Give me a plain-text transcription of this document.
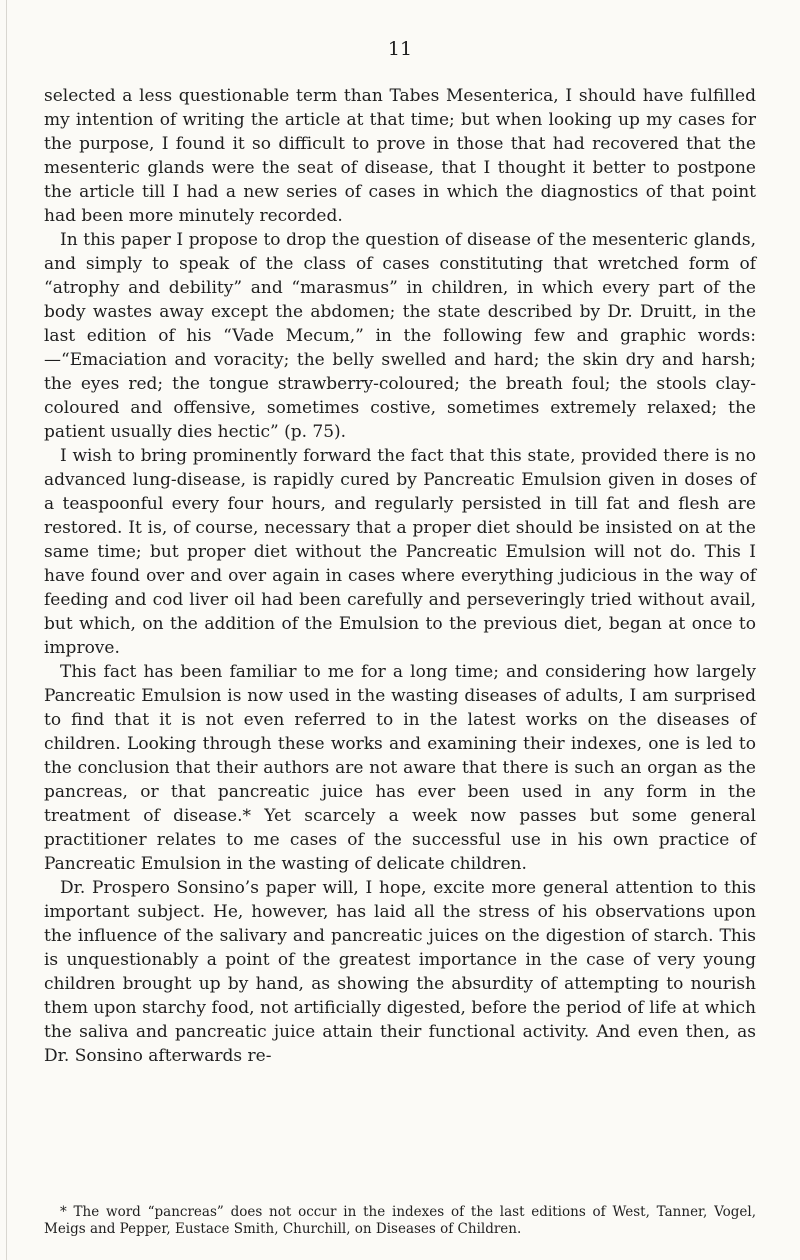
11

selected a less questionable term than Tabes Mesenterica, I should have fulfilled my intention of writing the article at that time; but when looking up my cases for the purpose, I found it so difficult to prove in those that had recovered that the mesenteric glands were the seat of disease, that I thought it better to postpone the article till I had a new series of cases in which the diagnostics of that point had been more minutely recorded.

In this paper I propose to drop the question of disease of the mesenteric glands, and simply to speak of the class of cases constituting that wretched form of “atrophy and debility” and “marasmus” in children, in which every part of the body wastes away except the abdomen; the state described by Dr. Druitt, in the last edition of his “Vade Mecum,” in the following few and graphic words:—“Emaciation and voracity; the belly swelled and hard; the skin dry and harsh; the eyes red; the tongue strawberry-coloured; the breath foul; the stools clay-coloured and offensive, sometimes costive, sometimes extremely relaxed; the patient usually dies hectic” (p. 75).

I wish to bring prominently forward the fact that this state, provided there is no advanced lung-disease, is rapidly cured by Pancreatic Emulsion given in doses of a teaspoonful every four hours, and regularly persisted in till fat and flesh are restored. It is, of course, necessary that a proper diet should be insisted on at the same time; but proper diet without the Pancreatic Emulsion will not do. This I have found over and over again in cases where everything judicious in the way of feeding and cod liver oil had been carefully and perseveringly tried without avail, but which, on the addition of the Emulsion to the previous diet, began at once to improve.

This fact has been familiar to me for a long time; and considering how largely Pancreatic Emulsion is now used in the wasting diseases of adults, I am surprised to find that it is not even referred to in the latest works on the diseases of children. Looking through these works and examining their indexes, one is led to the conclusion that their authors are not aware that there is such an organ as the pancreas, or that pancreatic juice has ever been used in any form in the treatment of disease.* Yet scarcely a week now passes but some general practitioner relates to me cases of the successful use in his own practice of Pancreatic Emulsion in the wasting of delicate children.

Dr. Prospero Sonsino’s paper will, I hope, excite more general attention to this important subject. He, however, has laid all the stress of his observations upon the influence of the salivary and pancreatic juices on the digestion of starch. This is unquestionably a point of the greatest importance in the case of very young children brought up by hand, as showing the absurdity of attempting to nourish them upon starchy food, not artificially digested, before the period of life at which the saliva and pancreatic juice attain their functional activity. And even then, as Dr. Sonsino afterwards re-

* The word “pancreas” does not occur in the indexes of the last editions of West, Tanner, Vogel, Meigs and Pepper, Eustace Smith, Churchill, on Diseases of Children.
